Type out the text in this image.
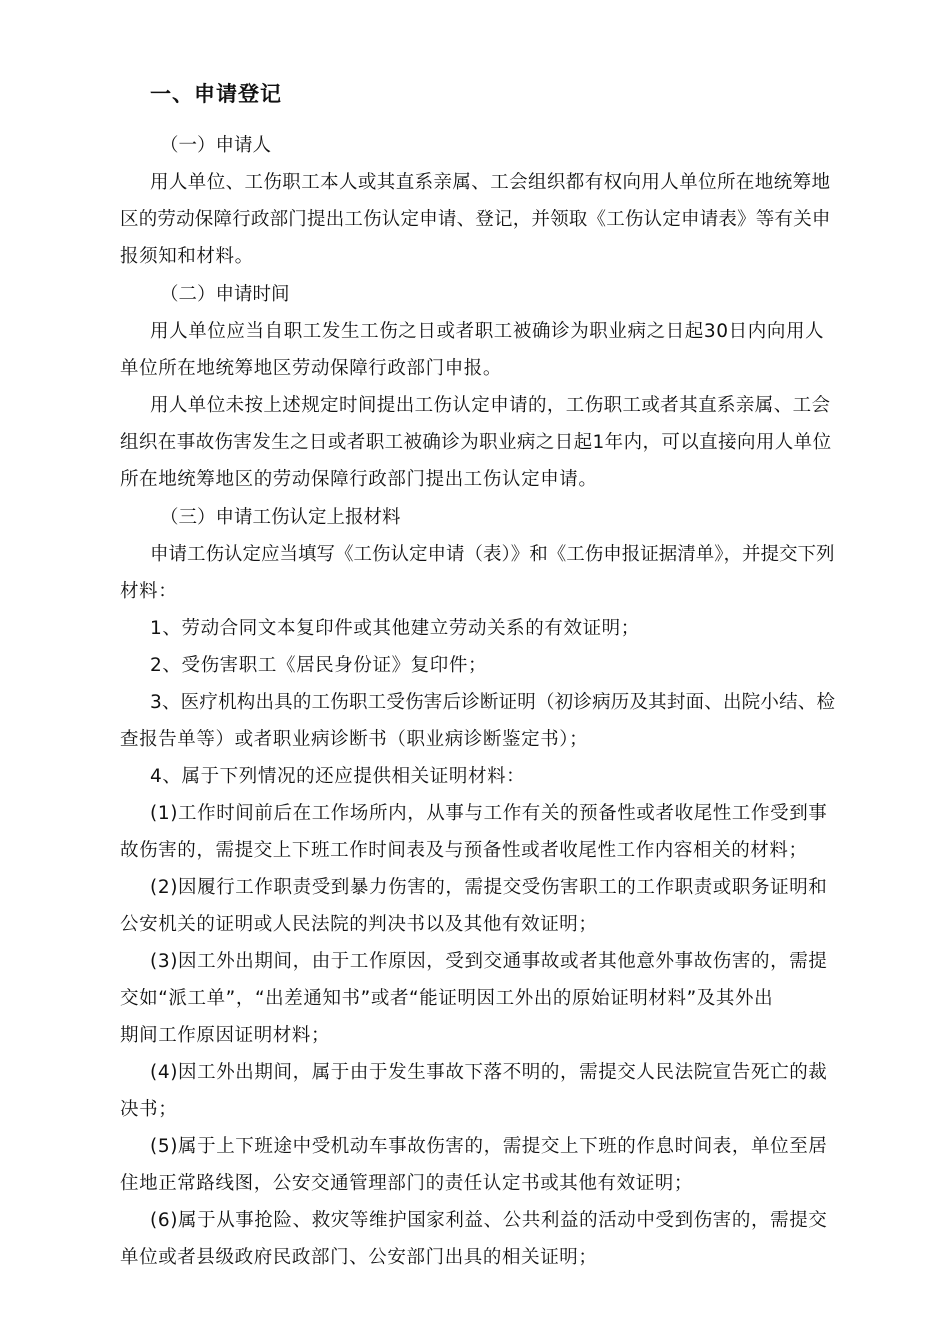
一、申请登记

（一）申请人

用人单位、工伤职工本人或其直系亲属、工会组织都有权向用人单位所在地统筹地

区的劳动保障行政部门提出工伤认定申请、登记，并领取《工伤认定申请表》等有关申

报须知和材料。

（二）申请时间

用人单位应当自职工发生工伤之日或者职工被确诊为职业病之日起30日内向用人

单位所在地统筹地区劳动保障行政部门申报。

用人单位未按上述规定时间提出工伤认定申请的，工伤职工或者其直系亲属、工会

组织在事故伤害发生之日或者职工被确诊为职业病之日起1年内，可以直接向用人单位

所在地统筹地区的劳动保障行政部门提出工伤认定申请。

（三）申请工伤认定上报材料

申请工伤认定应当填写《工伤认定申请（表）》和《工伤申报证据清单》，并提交下列

材料：

1、劳动合同文本复印件或其他建立劳动关系的有效证明；

2、受伤害职工《居民身份证》复印件；

3、医疗机构出具的工伤职工受伤害后诊断证明（初诊病历及其封面、出院小结、检

查报告单等）或者职业病诊断书（职业病诊断鉴定书）；

4、属于下列情况的还应提供相关证明材料：

(1)工作时间前后在工作场所内，从事与工作有关的预备性或者收尾性工作受到事

故伤害的，需提交上下班工作时间表及与预备性或者收尾性工作内容相关的材料；

(2)因履行工作职责受到暴力伤害的，需提交受伤害职工的工作职责或职务证明和

公安机关的证明或人民法院的判决书以及其他有效证明；

(3)因工外出期间，由于工作原因，受到交通事故或者其他意外事故伤害的，需提

交如“派工单”，“出差通知书”或者“能证明因工外出的原始证明材料”及其外出

期间工作原因证明材料；

(4)因工外出期间，属于由于发生事故下落不明的，需提交人民法院宣告死亡的裁

决书；

(5)属于上下班途中受机动车事故伤害的，需提交上下班的作息时间表，单位至居

住地正常路线图，公安交通管理部门的责任认定书或其他有效证明；

(6)属于从事抢险、救灾等维护国家利益、公共利益的活动中受到伤害的，需提交

单位或者县级政府民政部门、公安部门出具的相关证明；
